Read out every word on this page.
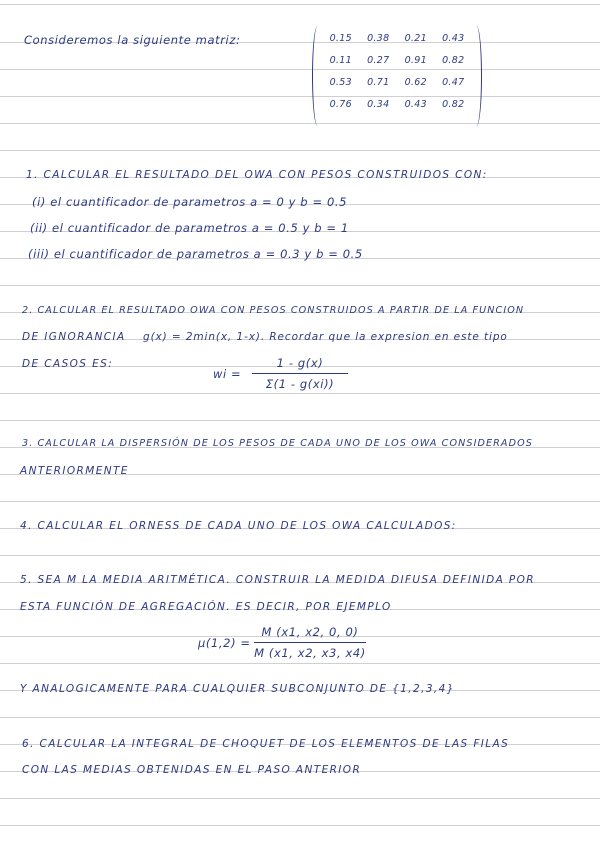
Consideremos la siguiente matriz:	0.15	0.38	0.21	0.43
0.11	0.27	0.91	0.82
0.53	0.71	0.62	0.47
0.76	0.34	0.43	0.82
1. CALCULAR EL RESULTADO DEL OWA CON PESOS CONSTRUIDOS CON:
(i) el cuantificador de parametros a = 0 y b = 0.5
(ii) el cuantificador de parametros a = 0.5 y b = 1
(iii) el cuantificador de parametros a = 0.3 y b = 0.5
2. CALCULAR EL RESULTADO OWA CON PESOS CONSTRUIDOS A PARTIR DE LA FUNCION
DE IGNORANCIA g(x) = 2min(x, 1-x). Recordar que la expresion en este tipo
DE CASOS ES:
wi =
1 - g(x)
Σ(1 - g(xi))
3. CALCULAR LA DISPERSIÓN DE LOS PESOS DE CADA UNO DE LOS OWA CONSIDERADOS
ANTERIORMENTE
4. CALCULAR EL ORNESS DE CADA UNO DE LOS OWA CALCULADOS:
5. SEA M LA MEDIA ARITMÉTICA. CONSTRUIR LA MEDIDA DIFUSA DEFINIDA POR
ESTA FUNCIÓN DE AGREGACIÓN. ES DECIR, POR EJEMPLO
μ(1,2) =
M (x1, x2, 0, 0)
M (x1, x2, x3, x4)
Y ANALOGICAMENTE PARA CUALQUIER SUBCONJUNTO DE {1,2,3,4}
6. CALCULAR LA INTEGRAL DE CHOQUET DE LOS ELEMENTOS DE LAS FILAS
CON LAS MEDIAS OBTENIDAS EN EL PASO ANTERIOR
